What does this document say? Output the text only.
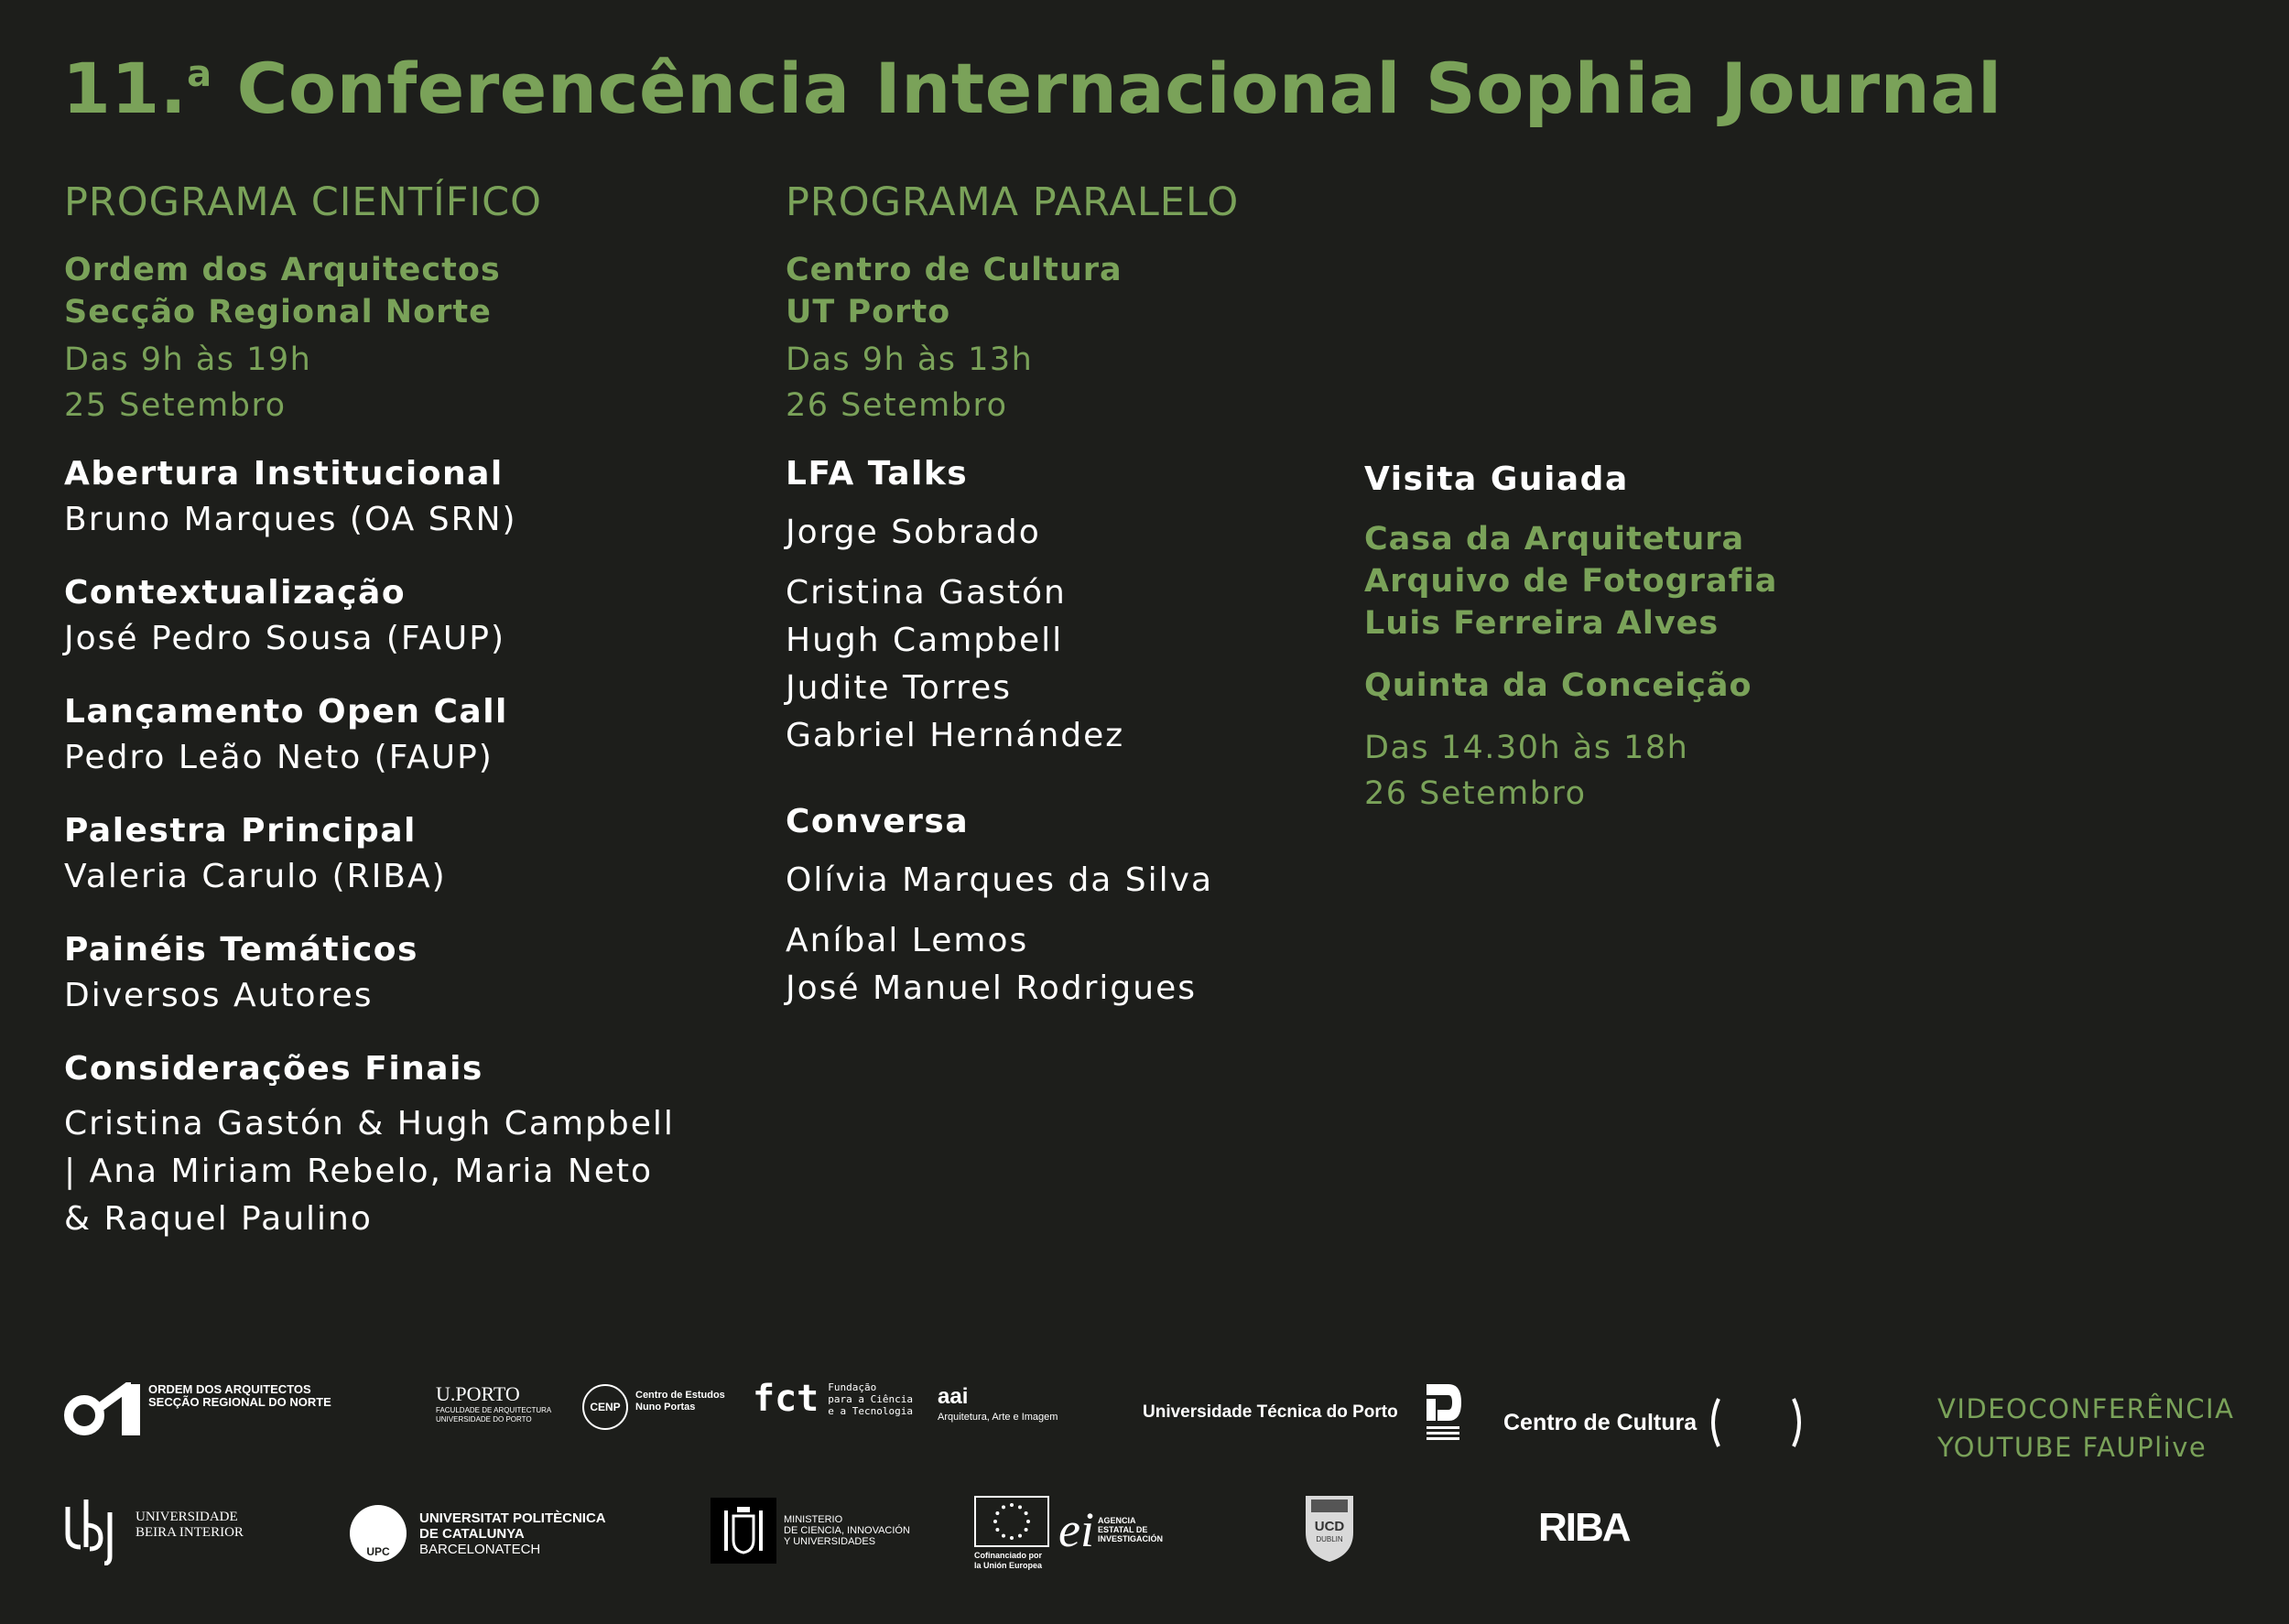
11.$^a$ Conferencência Internacional Sophia Journal
PROGRAMA CIENTÍFICO
Ordem dos Arquitectos
Secção Regional Norte
Das 9h às 19h
25 Setembro
Abertura Institucional
Bruno Marques (OA SRN)
Contextualização
José Pedro Sousa (FAUP)
Lançamento Open Call
Pedro Leão Neto (FAUP)
Palestra Principal
Valeria Carulo (RIBA)
Painéis Temáticos
Diversos Autores
Considerações Finais
Cristina Gastón & Hugh Campbell
| Ana Miriam Rebelo, Maria Neto
& Raquel Paulino
PROGRAMA PARALELO
Centro de Cultura
UT Porto
Das 9h às 13h
26 Setembro
LFA Talks
Jorge Sobrado
Cristina Gastón
Hugh Campbell
Judite Torres
Gabriel Hernández
Conversa
Olívia Marques da Silva
Aníbal Lemos
José Manuel Rodrigues
Visita Guiada
Casa da Arquitetura
Arquivo de Fotografia
Luis Ferreira Alves
Quinta da Conceição
Das 14.30h às 18h
26 Setembro
VIDEOCONFERÊNCIA
YOUTUBE FAUPlive
ORDEM DOS ARQUITECTOS
SECÇÃO REGIONAL DO NORTE	U.PORTO
FACULDADE DE ARQUITECTURA
UNIVERSIDADE DO PORTO
CENP
Centro de Estudos
Nuno Portas	fct Fundação
para a Ciência
e a Tecnologia
aai
Arquitetura, Arte e Imagem	Universidade Técnica do Porto	Centro de Cultura
UNIVERSIDADE
BEIRA INTERIOR
UPC
UNIVERSITAT POLITÈCNICA
DE CATALUNYA
BARCELONATECH
MINISTERIO
DE CIENCIA, INNOVACIÓN
Y UNIVERSIDADES
Cofinanciado por
la Unión Europea
ei AGENCIA
ESTATAL DE
INVESTIGACIÓN
UCD
DUBLIN	RIBA
